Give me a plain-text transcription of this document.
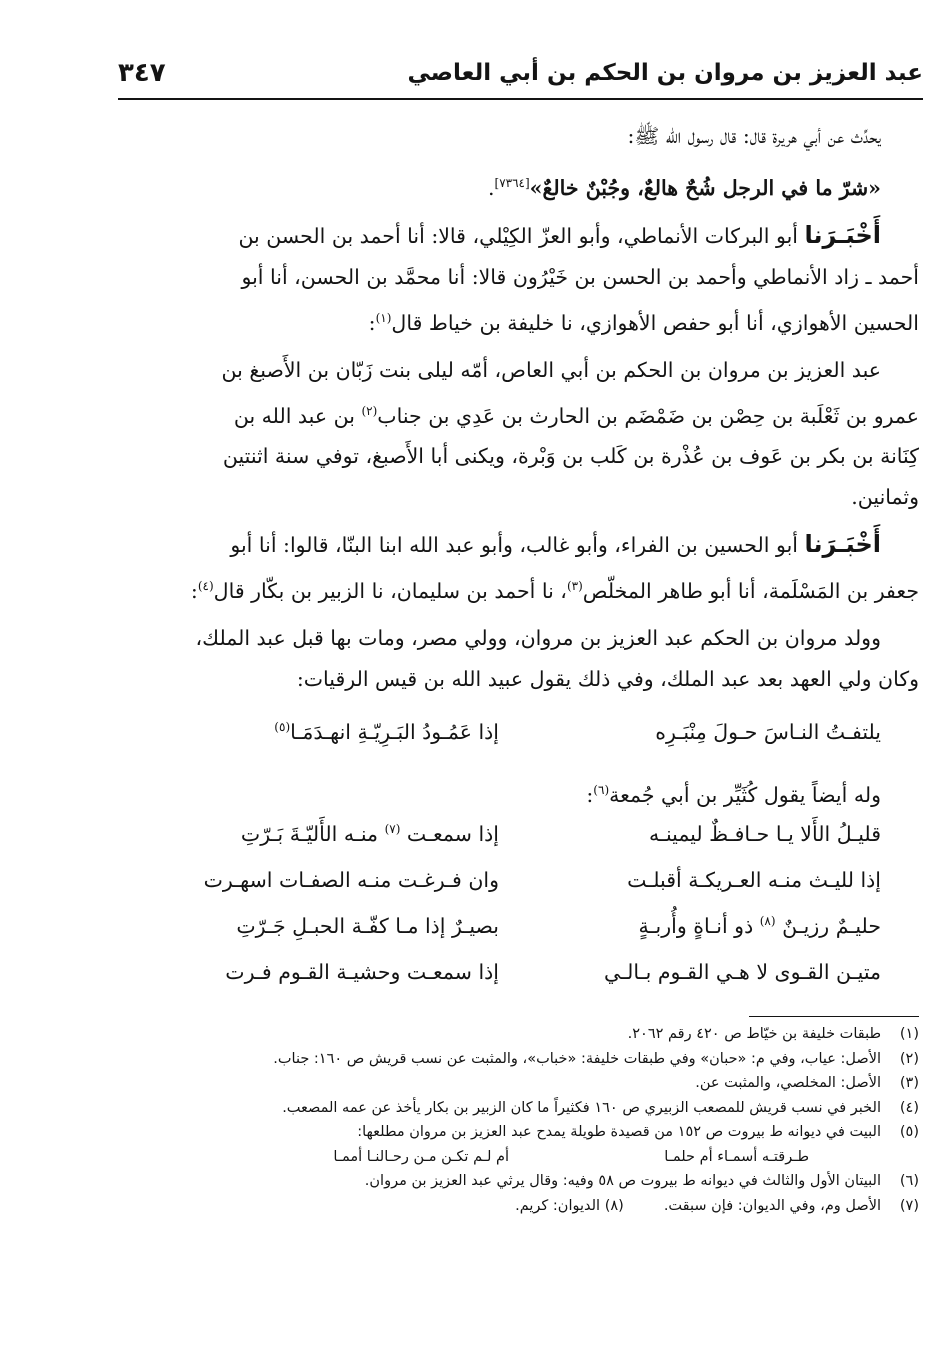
عبد العزيز بن مروان بن الحكم بن أبي العاصي
٣٤٧
يحدِّث عن أبي هريرة قال: قال رسول الله ﷺ:
«شرّ ما في الرجل شُحٌ هالعٌ، وجُبْنٌ خالعٌ»[٧٣٦٤].
أَخْبَـرَنا أبو البركات الأنماطي، وأبو العزّ الكِيْلي، قالا: أنا أحمد بن الحسن بن
أحمد ـ زاد الأنماطي وأحمد بن الحسن بن خَيْرُون قالا: أنا محمَّد بن الحسن، أنا أبو
الحسين الأهوازي، أنا أبو حفص الأهوازي، نا خليفة بن خياط قال$^{(١)}$:
عبد العزيز بن مروان بن الحكم بن أبي العاص، أمّه ليلى بنت زَبّان بن الأَصبغ بن
عمرو بن ثَعْلَبة بن حِصْن بن ضَمْضَم بن الحارث بن عَدِي بن جناب$^{(٢)}$ بن عبد الله بن
كِنَانة بن بكر بن عَوف بن عُذْرة بن كَلب بن وَبْرة، ويكنى أبا الأَصبغ، توفي سنة اثنتين
وثمانين.
أَخْبَـرَنا أبو الحسين بن الفراء، وأبو غالب، وأبو عبد الله ابنا البنّا، قالوا: أنا أبو
جعفر بن المَسْلَمة، أنا أبو طاهر المخلّص$^{(٣)}$، نا أحمد بن سليمان، نا الزبير بن بكّار قال$^{(٤)}$:
وولد مروان بن الحكم عبد العزيز بن مروان، وولي مصر، ومات بها قبل عبد الملك،
وكان ولي العهد بعد عبد الملك، وفي ذلك يقول عبيد الله بن قيس الرقيات:
يلتفـتُ النـاسَ حـولَ مِنْبَـرِه
إذا عَمُـودُ البَـرِيّـةِ انهـدَمَـا$^{(٥)}$
وله أيضاً يقول كُثَيِّر بن أبي جُمعة$^{(٦)}$:
قليـلُ الأَلا يـا حـافـظٌ ليمينـه
إذا سمعـت $^{(٧)}$ منـه الأَليّـةَ بَـرّتِ
إذا لليـث منـه العـريكـة أقبلـت
وان فـرغـت منـه الصفـات اسهـرت
حليـمٌ رزيـنٌ $^{(٨)}$ ذو أنـاةٍ وأُربـةٍ
بصيـرٌ إذا مـا كفّـة الحبـلِ جَـرّتِ
متيـن القـوى لا هـي القـوم بـالـي
إذا سمعـت وحشيـة القـوم فـرت
(١)
طبقات خليفة بن خيّاط ص ٤٢٠ رقم ٢٠٦٢.
(٢)
الأصل: عياب، وفي م: «حبان» وفي طبقات خليفة: «خباب»، والمثبت عن نسب قريش ص ١٦٠: جناب.
(٣)
الأصل: المخلصي، والمثبت عن.
(٤)
الخبر في نسب قريش للمصعب الزبيري ص ١٦٠ فكثيراً ما كان الزبير بن بكار يأخذ عن عمه المصعب.
(٥)
البيت في ديوانه ط بيروت ص ١٥٢ من قصيدة طويلة يمدح عبد العزيز بن مروان مطلعها:
طـرقتـه أسمـاء أم حلمـاأم لـم تكـن مـن رحـالنـا أممـا
(٦)
البيتان الأول والثالث في ديوانه ط بيروت ص ٥٨ وفيه: وقال يرثي عبد العزيز بن مروان.
(٧)
الأصل وم، وفي الديوان: فإن سبقت.(٨) الديوان: كريم.
